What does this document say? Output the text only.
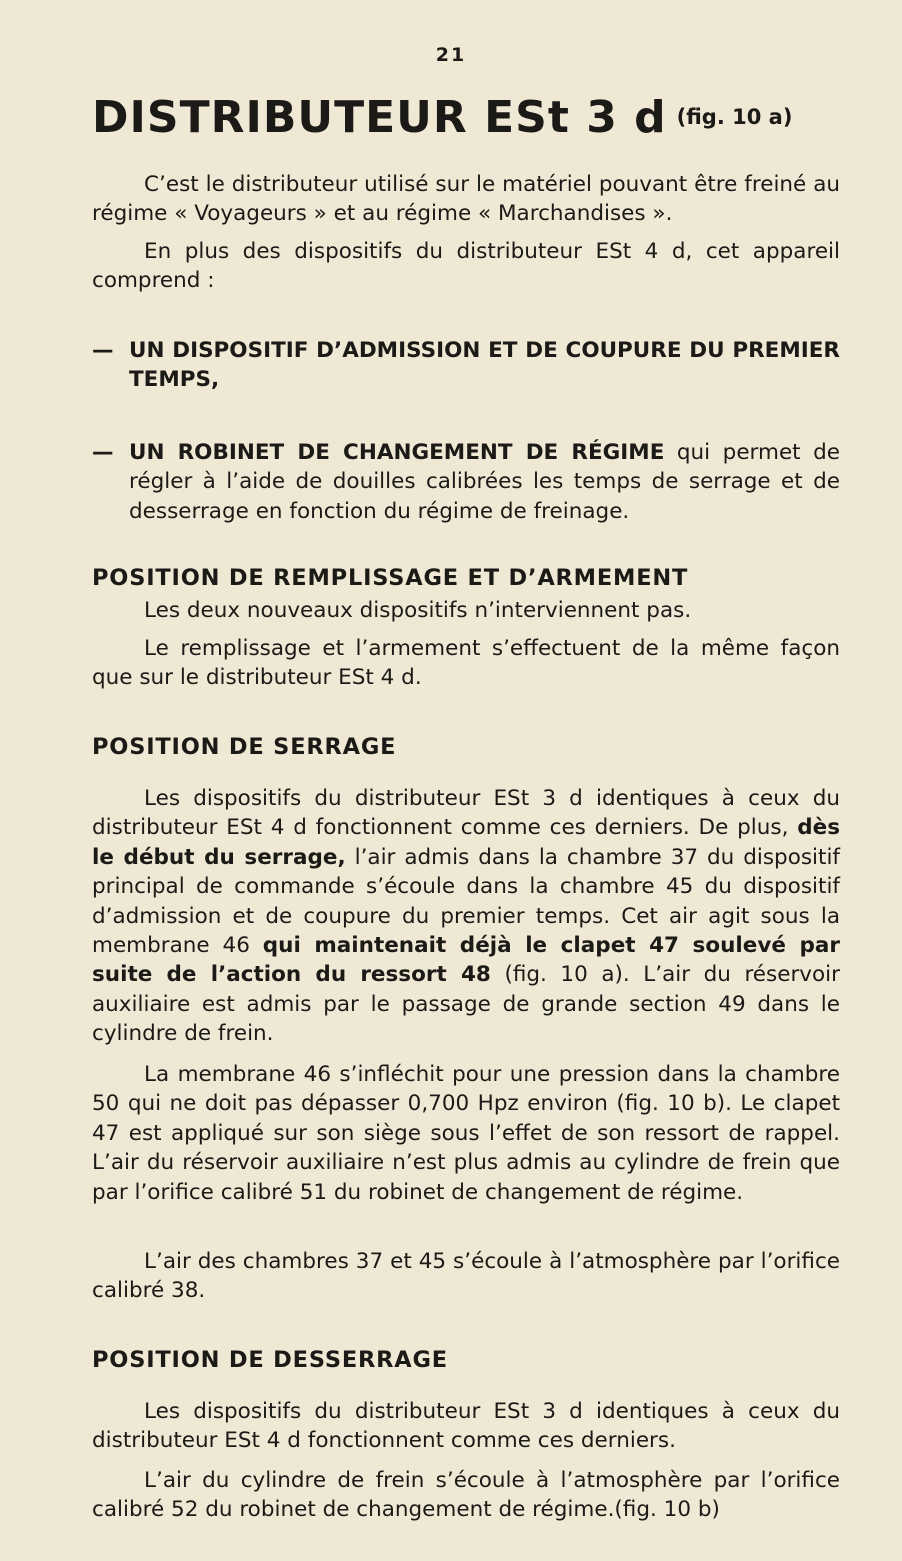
21
DISTRIBUTEUR ESt 3 d (fig. 10 a)
C’est le distributeur utilisé sur le matériel pouvant être freiné au régime « Voyageurs » et au régime « Marchandises ».
En plus des dispositifs du distributeur ESt 4 d, cet appareil comprend :
— UN DISPOSITIF D’ADMISSION ET DE COUPURE DU PREMIER TEMPS,
— UN ROBINET DE CHANGEMENT DE RÉGIME qui permet de régler à l’aide de douilles calibrées les temps de serrage et de desserrage en fonction du régime de freinage.
POSITION DE REMPLISSAGE ET D’ARMEMENT
Les deux nouveaux dispositifs n’interviennent pas.
Le remplissage et l’armement s’effectuent de la même façon que sur le distributeur ESt 4 d.
POSITION DE SERRAGE
Les dispositifs du distributeur ESt 3 d identiques à ceux du distributeur ESt 4 d fonctionnent comme ces derniers. De plus, dès le début du serrage, l’air admis dans la chambre 37 du dispositif principal de commande s’écoule dans la chambre 45 du dispositif d’admission et de coupure du premier temps. Cet air agit sous la membrane 46 qui maintenait déjà le clapet 47 soulevé par suite de l’action du ressort 48 (fig. 10 a). L’air du réservoir auxiliaire est admis par le passage de grande section 49 dans le cylindre de frein.
La membrane 46 s’infléchit pour une pression dans la chambre 50 qui ne doit pas dépasser 0,700 Hpz environ (fig. 10 b). Le clapet 47 est appliqué sur son siège sous l’effet de son ressort de rappel. L’air du réservoir auxiliaire n’est plus admis au cylindre de frein que par l’orifice calibré 51 du robinet de changement de régime.
L’air des chambres 37 et 45 s’écoule à l’atmosphère par l’orifice calibré 38.
POSITION DE DESSERRAGE
Les dispositifs du distributeur ESt 3 d identiques à ceux du distributeur ESt 4 d fonctionnent comme ces derniers.
L’air du cylindre de frein s’écoule à l’atmosphère par l’orifice calibré 52 du robinet de changement de régime.(fig. 10 b)
